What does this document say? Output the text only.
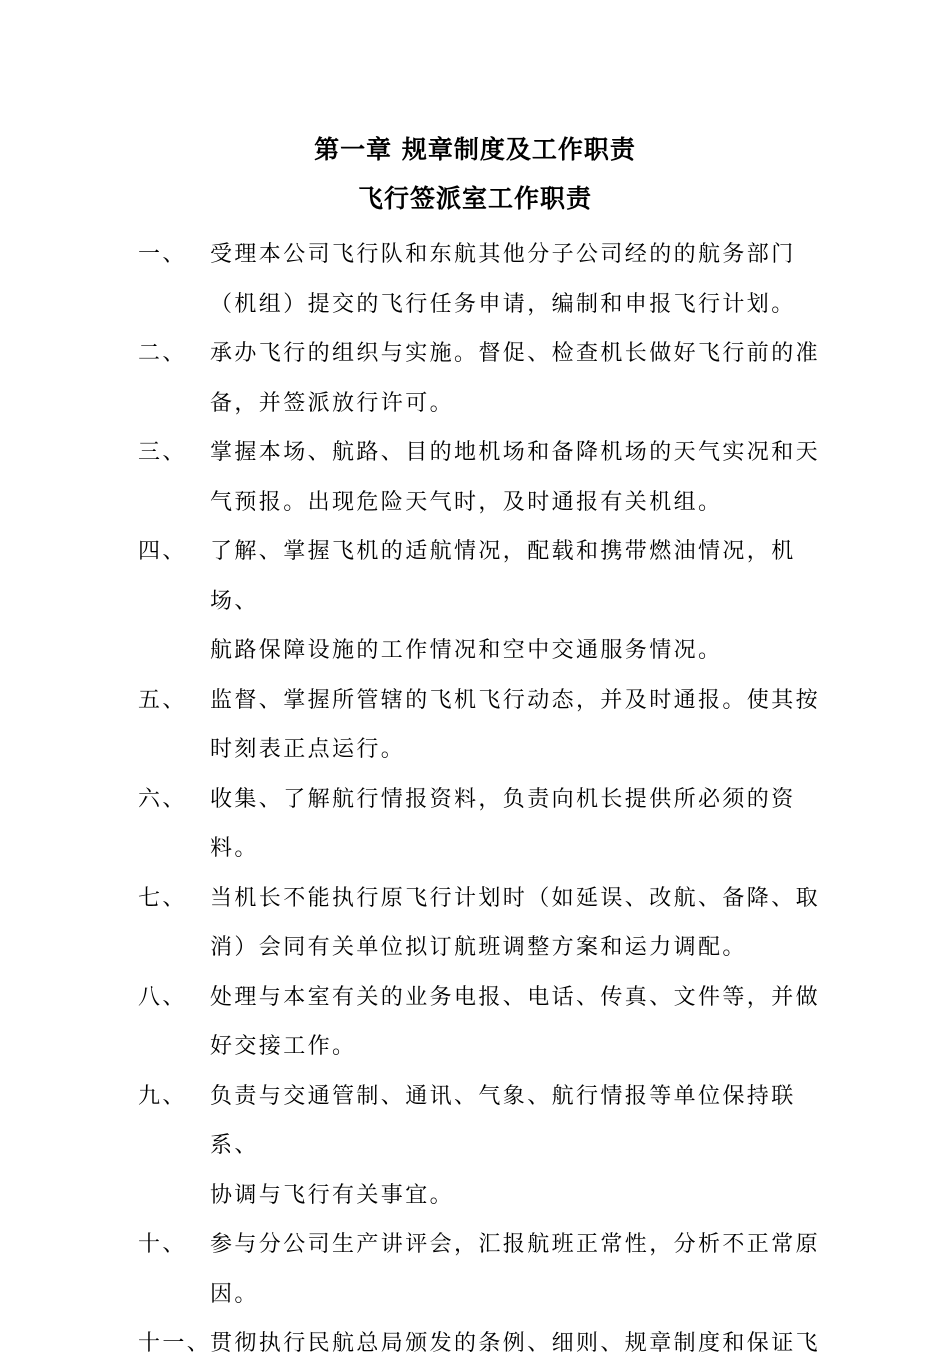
第一章 规章制度及工作职责
飞行签派室工作职责
一、	受理本公司飞行队和东航其他分子公司经的的航务部门
（机组）提交的飞行任务申请，编制和申报飞行计划。
二、	承办飞行的组织与实施。督促、检查机长做好飞行前的准
备，并签派放行许可。
三、	掌握本场、航路、目的地机场和备降机场的天气实况和天
气预报。出现危险天气时，及时通报有关机组。
四、	了解、掌握飞机的适航情况，配载和携带燃油情况，机场、
航路保障设施的工作情况和空中交通服务情况。
五、	监督、掌握所管辖的飞机飞行动态，并及时通报。使其按
时刻表正点运行。
六、	收集、了解航行情报资料，负责向机长提供所必须的资料。
七、	当机长不能执行原飞行计划时（如延误、改航、备降、取
消）会同有关单位拟订航班调整方案和运力调配。
八、	处理与本室有关的业务电报、电话、传真、文件等，并做
好交接工作。
九、	负责与交通管制、通讯、气象、航行情报等单位保持联系、
协调与飞行有关事宜。
十、	参与分公司生产讲评会，汇报航班正常性，分析不正常原
因。
十一、
贯彻执行民航总局颁发的条例、细则、规章制度和保证飞
